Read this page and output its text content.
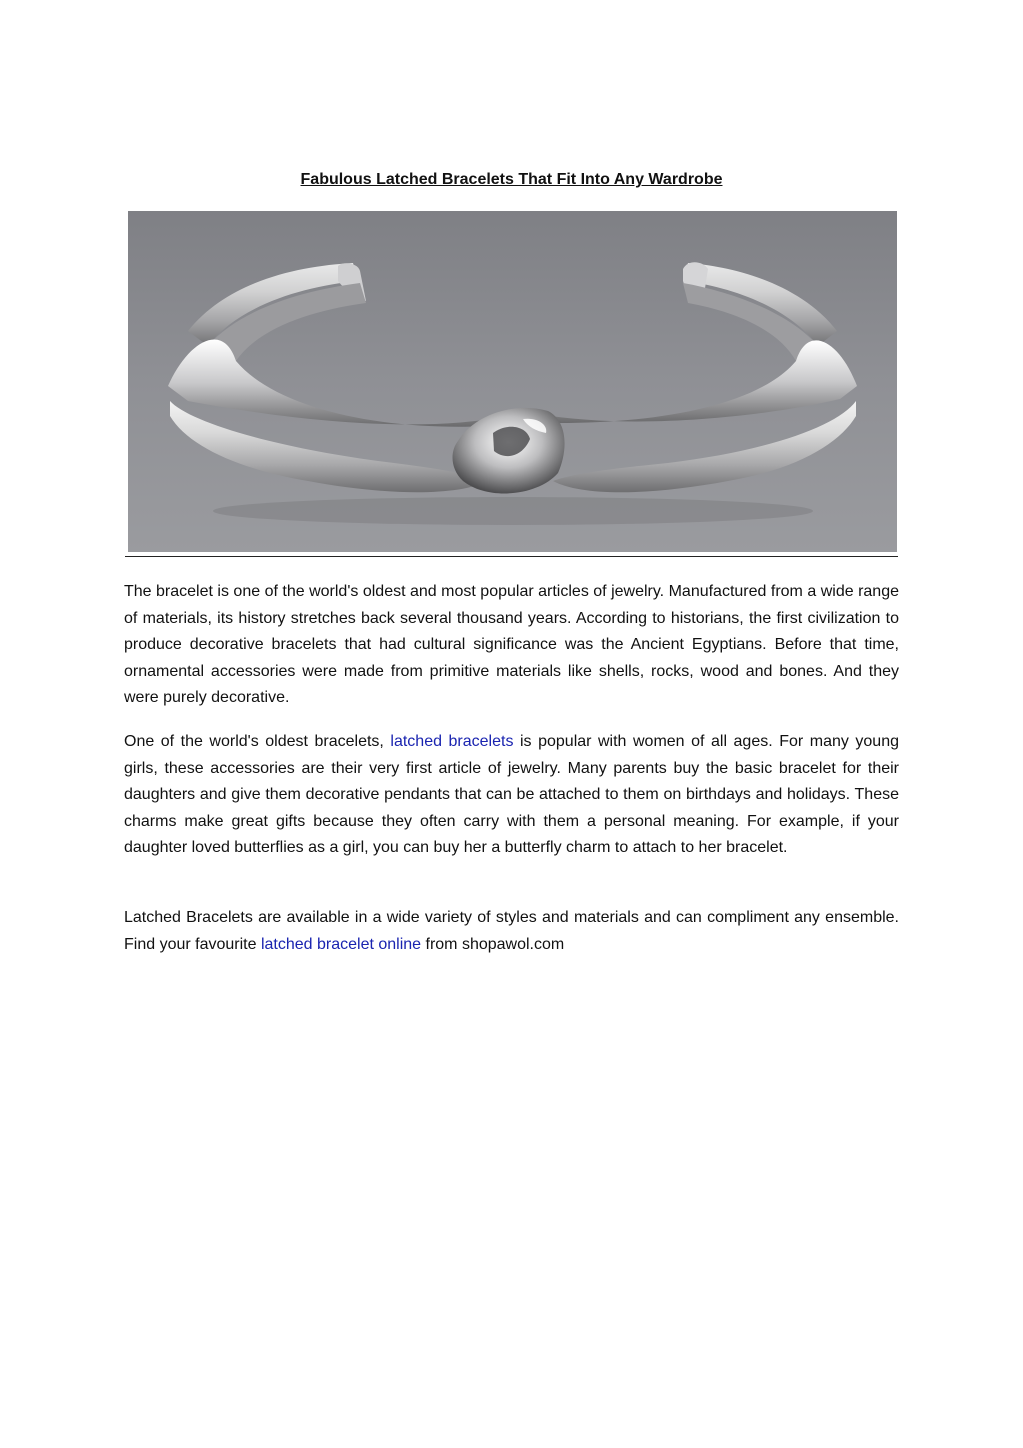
Fabulous Latched Bracelets That Fit Into Any Wardrobe

The bracelet is one of the world's oldest and most popular articles of jewelry. Manufactured from a wide range of materials, its history stretches back several thousand years. According to historians, the first civilization to produce decorative bracelets that had cultural significance was the Ancient Egyptians. Before that time, ornamental accessories were made from primitive materials like shells, rocks, wood and bones. And they were purely decorative.

One of the world's oldest bracelets, latched bracelets is popular with women of all ages. For many young girls, these accessories are their very first article of jewelry. Many parents buy the basic bracelet for their daughters and give them decorative pendants that can be attached to them on birthdays and holidays. These charms make great gifts because they often carry with them a personal meaning. For example, if your daughter loved butterflies as a girl, you can buy her a butterfly charm to attach to her bracelet.

Latched Bracelets are available in a wide variety of styles and materials and can compliment any ensemble. Find your favourite latched bracelet online from shopawol.com
